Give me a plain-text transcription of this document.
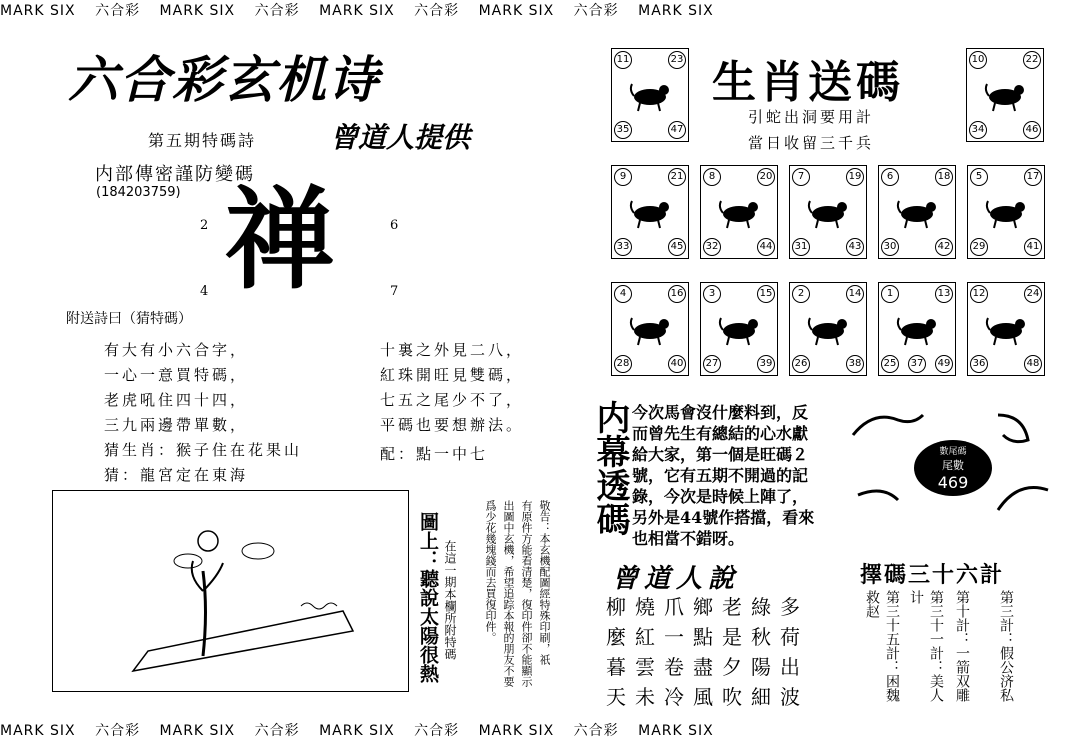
MARK SIX 六合彩 MARK SIX 六合彩 MARK SIX 六合彩 MARK SIX 六合彩 MARK SIX
六合彩玄机诗
第五期特碼詩	曾道人提供
内部傳密謹防變碼
(184203759) 禅
2	6
4	7
附送詩曰（猜特碼）
有大有小六合字，
一心一意買特碼，
老虎吼住四十四，
三九兩邊帶單數，
猜生肖：猴子住在花果山
猜：龍宮定在東海
十裏之外見二八，
紅珠開旺見雙碼，
七五之尾少不了，
平碼也要想辦法。
配：點一中七
圖上：聽說太陽很熱 在這一期本欄所附特碼 爲少花幾塊錢而去買復印件。 出圖中玄機，希望追踪本報的朋友不要 有原件方能看清楚，復印件卻不能顯示 敬告：本玄機配圖經特殊印刷，祇
生肖送碼
引蛇出洞要用計
當日收留三千兵
11	23
35	47
10	22
34	46
9	21
33	45
8	20
32	44
7	19
31	43
6	18
30	42
5	17
29	41
4	16
28	40
3	15
27	39
2	14
26	38
1	13
25 37 49
12	24
36	48
内幕透碼 今次馬會沒什麼料到，反
而曾先生有總結的心水獻
給大家，第一個是旺碼２
號，它有五期不開過的記
錄，今次是時候上陣了，
另外是44號作搭擋，看來
也相當不錯呀。
數尾碼
尾數
469
曾道人說
柳燒爪鄉老綠多
麼紅一點是秋荷
暮雲卷盡夕陽出
天未冷風吹細波
擇碼三十六計
第三計：假公济私
第十計：一箭双雕
第三十一計：美人计
第三十五計：困魏救赵
MARK SIX 六合彩 MARK SIX 六合彩 MARK SIX 六合彩 MARK SIX 六合彩 MARK SIX
